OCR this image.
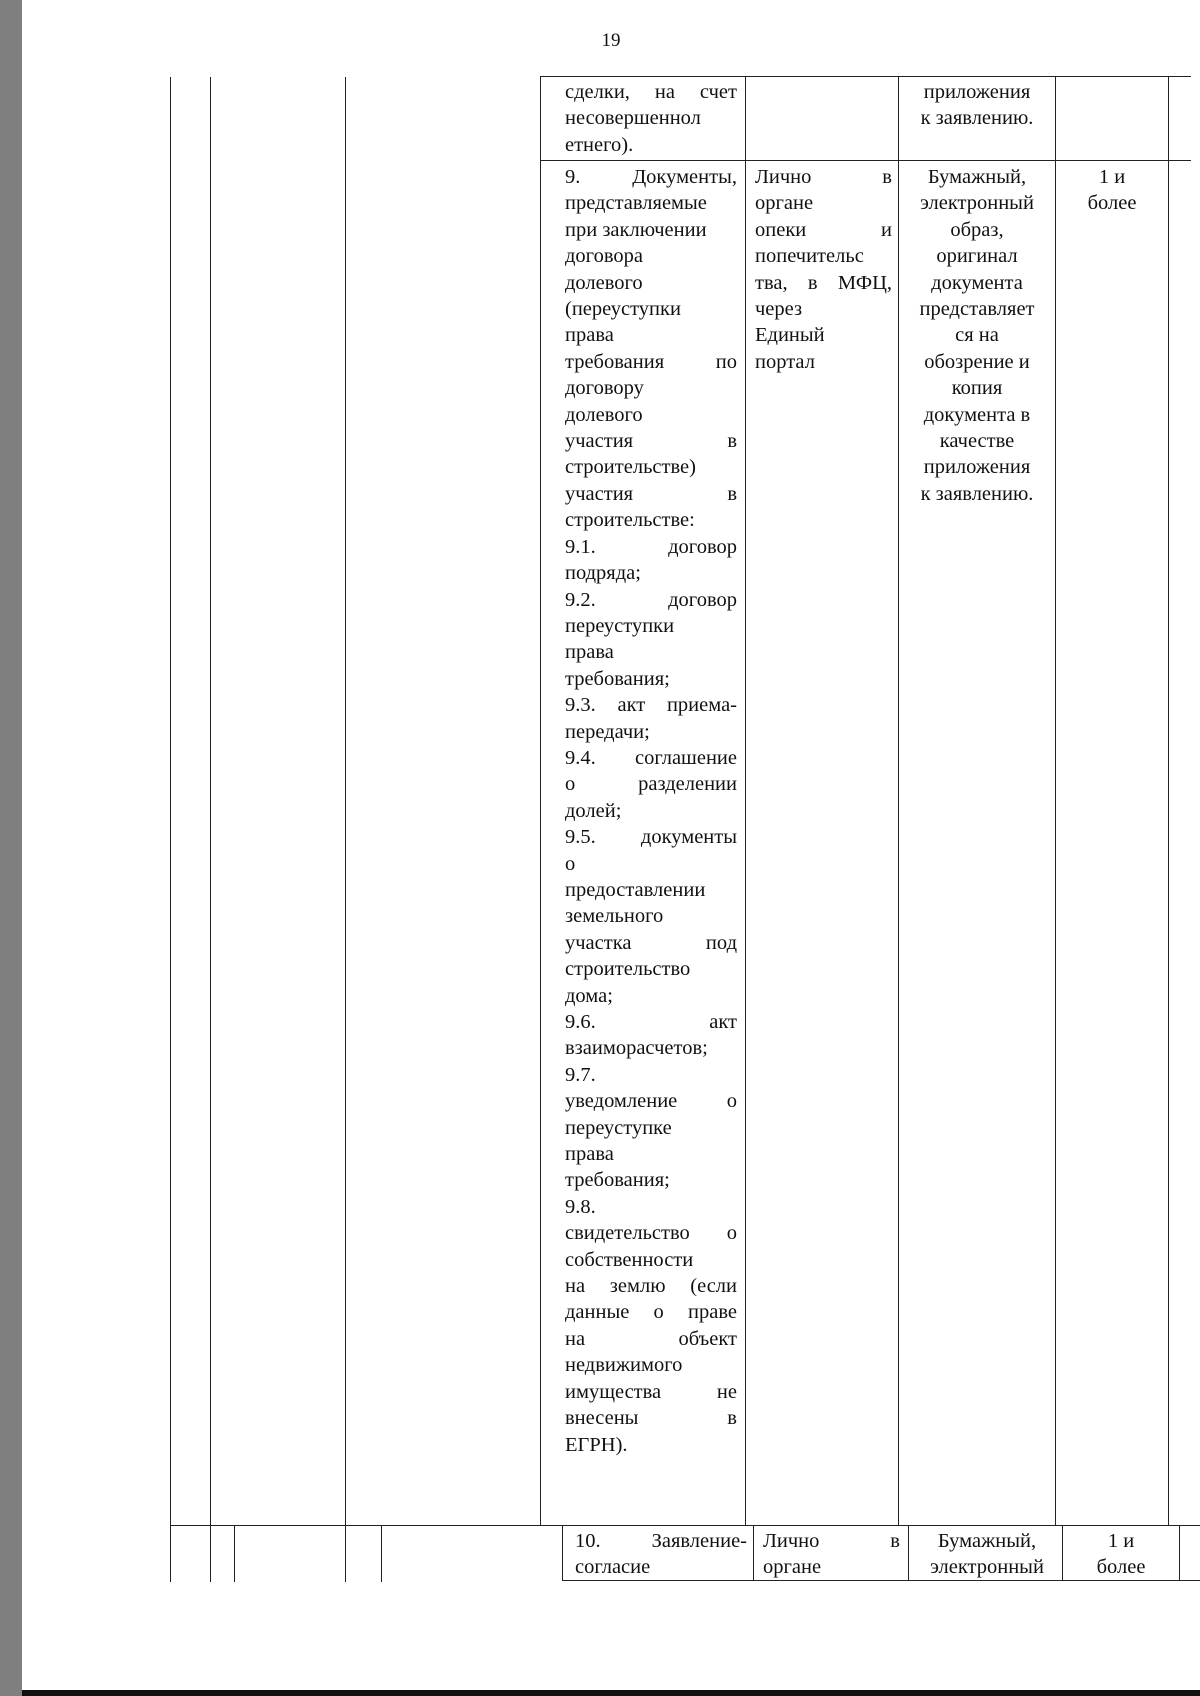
19
сделки, на счет
несовершеннол
етнего).
приложения
к заявлению.
9. Документы,
представляемые
при заключении
договора
долевого
(переуступки
права
требования по
договору
долевого
участия в
строительстве)
участия в
строительстве:
9.1. договор
подряда;
9.2. договор
переуступки
права
требования;
9.3. акт приема-
передачи;
9.4. соглашение
о разделении
долей;
9.5. документы
о
предоставлении
земельного
участка под
строительство
дома;
9.6. акт
взаиморасчетов;
9.7.
уведомление о
переуступке
права
требования;
9.8.
свидетельство о
собственности
на землю (если
данные о праве
на объект
недвижимого
имущества не
внесены в
ЕГРН).
Лично в
органе
опеки и
попечительс
тва, в МФЦ,
через
Единый
портал
Бумажный,
электронный
образ,
оригинал
документа
представляет
ся на
обозрение и
копия
документа в
качестве
приложения
к заявлению.
1 и
более
10. Заявление-
согласие
Лично в
органе
Бумажный,
электронный
1 и
более
